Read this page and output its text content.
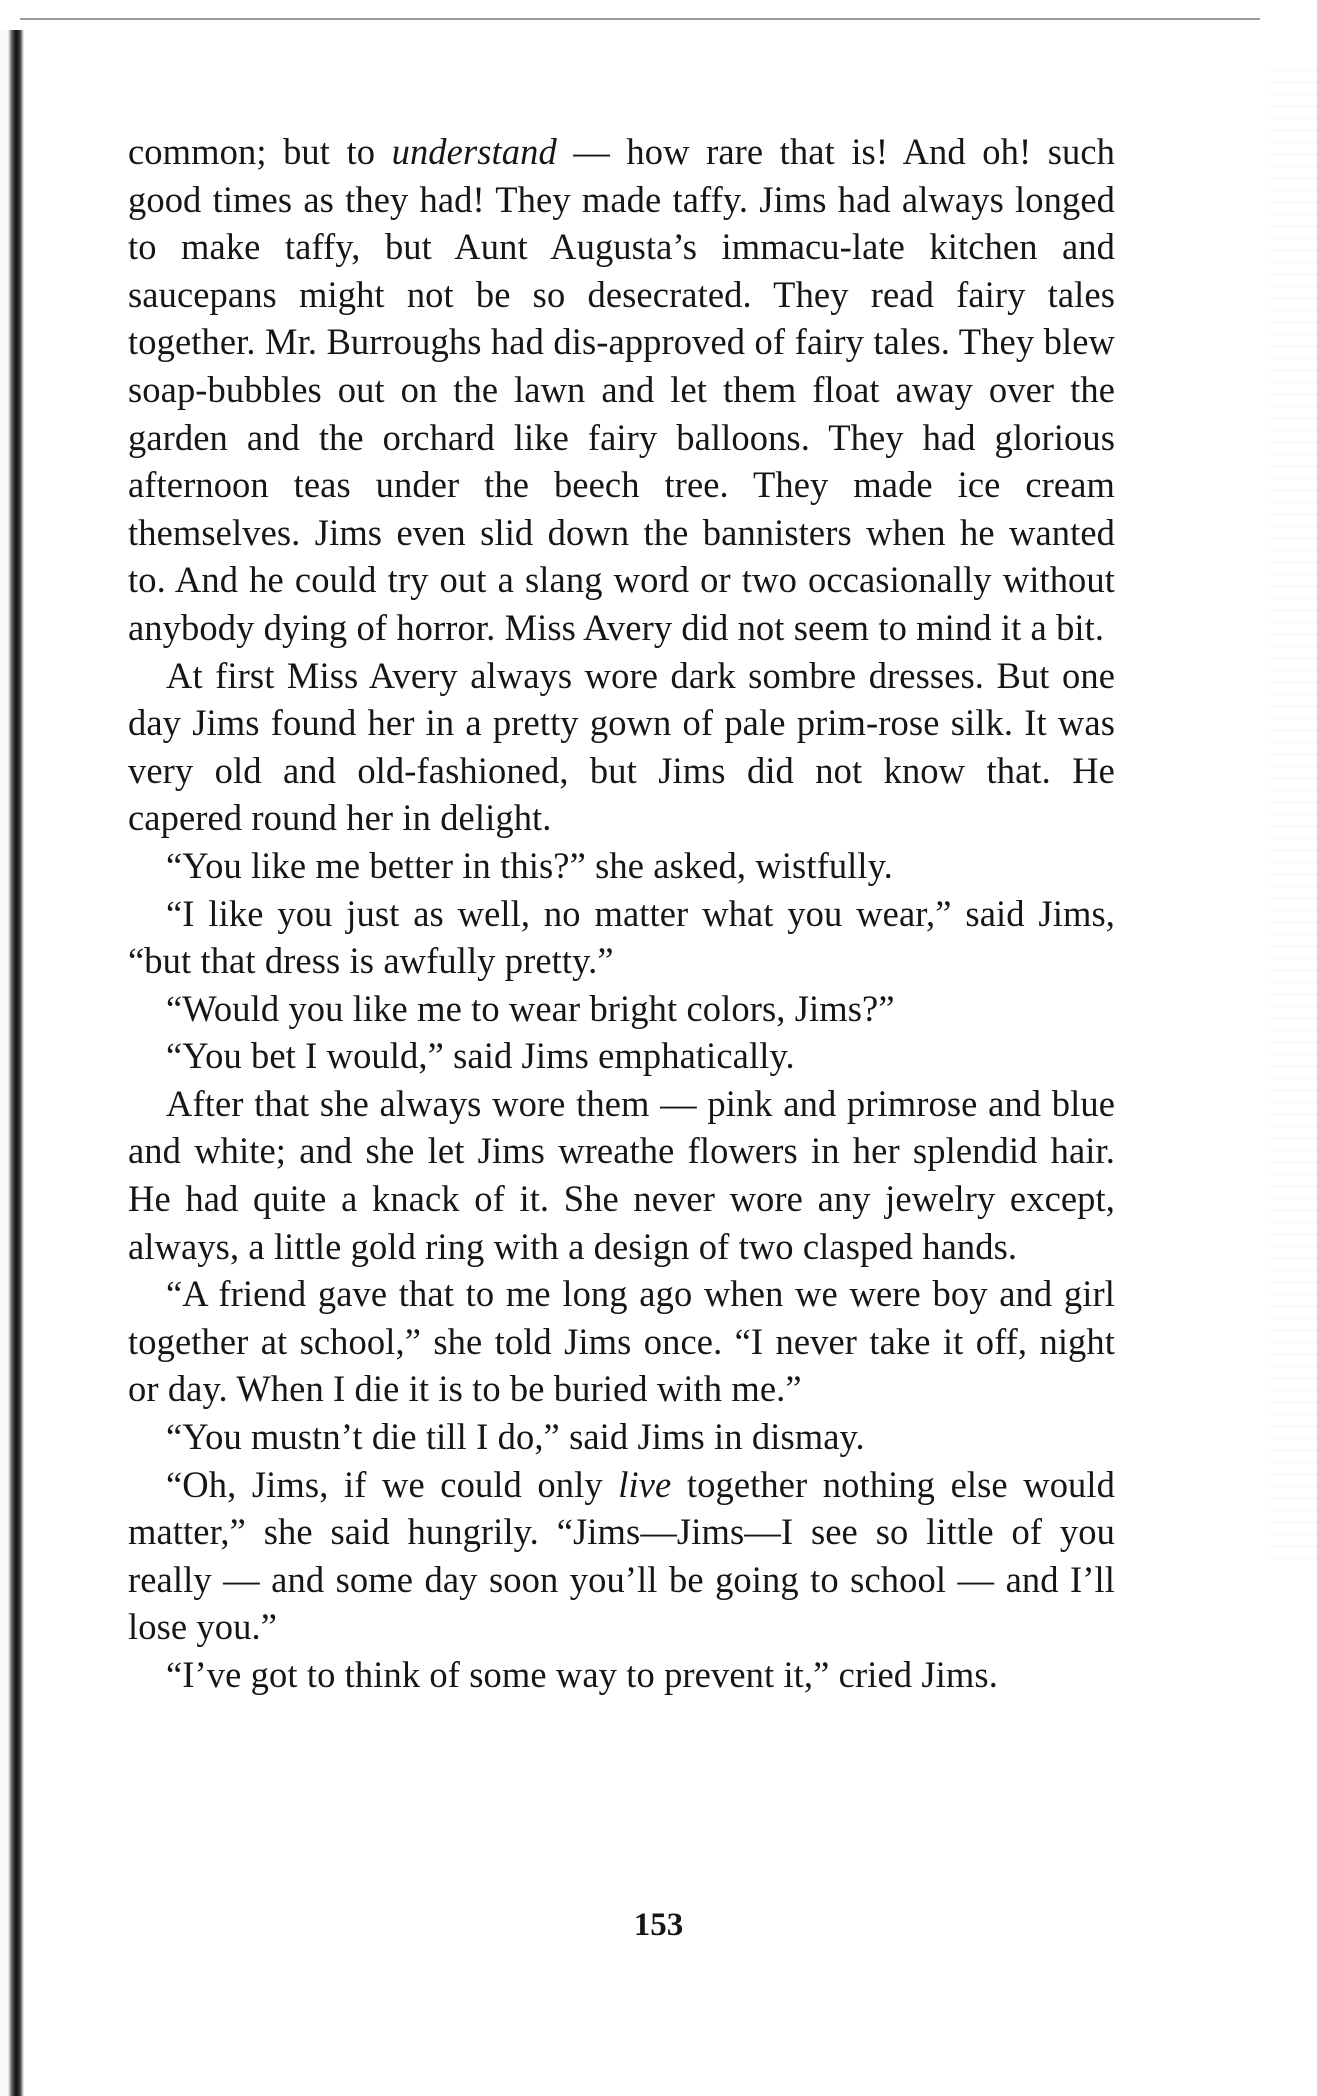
common; but to understand — how rare that is! And oh! such good times as they had! They made taffy. Jims had always longed to make taffy, but Aunt Augusta’s immacu-late kitchen and saucepans might not be so desecrated. They read fairy tales together. Mr. Burroughs had dis-approved of fairy tales. They blew soap-bubbles out on the lawn and let them float away over the garden and the orchard like fairy balloons. They had glorious afternoon teas under the beech tree. They made ice cream themselves. Jims even slid down the bannisters when he wanted to. And he could try out a slang word or two occasionally without anybody dying of horror. Miss Avery did not seem to mind it a bit.

At first Miss Avery always wore dark sombre dresses. But one day Jims found her in a pretty gown of pale prim-rose silk. It was very old and old-fashioned, but Jims did not know that. He capered round her in delight.

“You like me better in this?” she asked, wistfully.

“I like you just as well, no matter what you wear,” said Jims, “but that dress is awfully pretty.”

“Would you like me to wear bright colors, Jims?”

“You bet I would,” said Jims emphatically.

After that she always wore them — pink and primrose and blue and white; and she let Jims wreathe flowers in her splendid hair. He had quite a knack of it. She never wore any jewelry except, always, a little gold ring with a design of two clasped hands.

“A friend gave that to me long ago when we were boy and girl together at school,” she told Jims once. “I never take it off, night or day. When I die it is to be buried with me.”

“You mustn’t die till I do,” said Jims in dismay.

“Oh, Jims, if we could only live together nothing else would matter,” she said hungrily. “Jims—Jims—I see so little of you really — and some day soon you’ll be going to school — and I’ll lose you.”

“I’ve got to think of some way to prevent it,” cried Jims.

153
